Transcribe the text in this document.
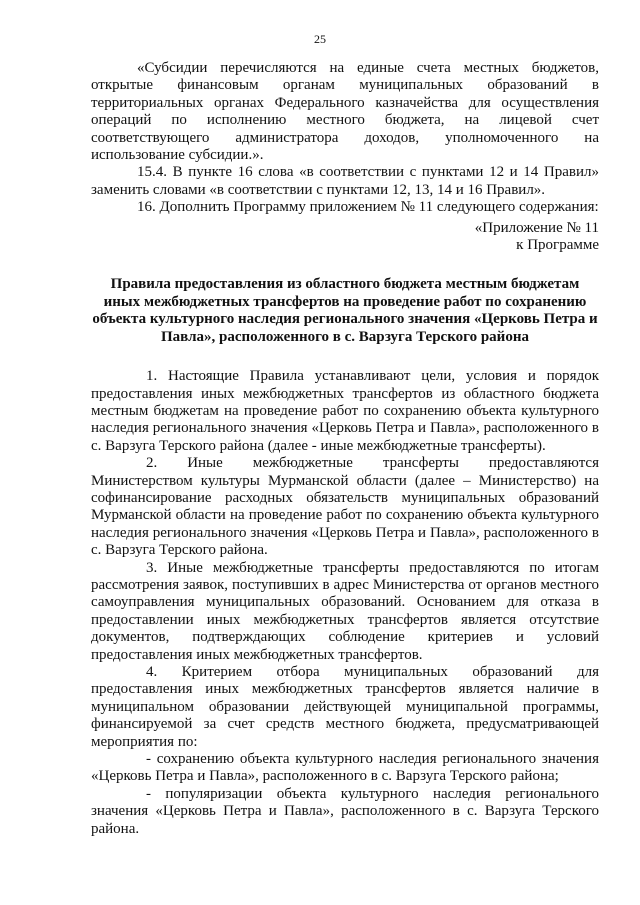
25

«Субсидии перечисляются на единые счета местных бюджетов, открытые финансовым органам муниципальных образований в территориальных органах Федерального казначейства для осуществления операций по исполнению местного бюджета, на лицевой счет соответствующего администратора доходов, уполномоченного на использование субсидии.».

15.4. В пункте 16 слова «в соответствии с пунктами 12 и 14 Правил» заменить словами «в соответствии с пунктами 12, 13, 14 и 16 Правил».

16. Дополнить Программу приложением № 11 следующего содержания:

«Приложение № 11

к Программе

Правила предоставления из областного бюджета местным бюджетам иных межбюджетных трансфертов на проведение работ по сохранению объекта культурного наследия регионального значения «Церковь Петра и Павла», расположенного в с. Варзуга Терского района

1. Настоящие Правила устанавливают цели, условия и порядок предоставления иных межбюджетных трансфертов из областного бюджета местным бюджетам на проведение работ по сохранению объекта культурного наследия регионального значения «Церковь Петра и Павла», расположенного в с. Варзуга Терского района (далее - иные межбюджетные трансферты).

2. Иные межбюджетные трансферты предоставляются Министерством культуры Мурманской области (далее – Министерство) на софинансирование расходных обязательств муниципальных образований Мурманской области на проведение работ по сохранению объекта культурного наследия регионального значения «Церковь Петра и Павла», расположенного в с. Варзуга Терского района.

3. Иные межбюджетные трансферты предоставляются по итогам рассмотрения заявок, поступивших в адрес Министерства от органов местного самоуправления муниципальных образований. Основанием для отказа в предоставлении иных межбюджетных трансфертов является отсутствие документов, подтверждающих соблюдение критериев и условий предоставления иных межбюджетных трансфертов.

4. Критерием отбора муниципальных образований для предоставления иных межбюджетных трансфертов является наличие в муниципальном образовании действующей муниципальной программы, финансируемой за счет средств местного бюджета, предусматривающей мероприятия по:

- сохранению объекта культурного наследия регионального значения «Церковь Петра и Павла», расположенного в с. Варзуга Терского района;

- популяризации объекта культурного наследия регионального значения «Церковь Петра и Павла», расположенного в с. Варзуга Терского района.
